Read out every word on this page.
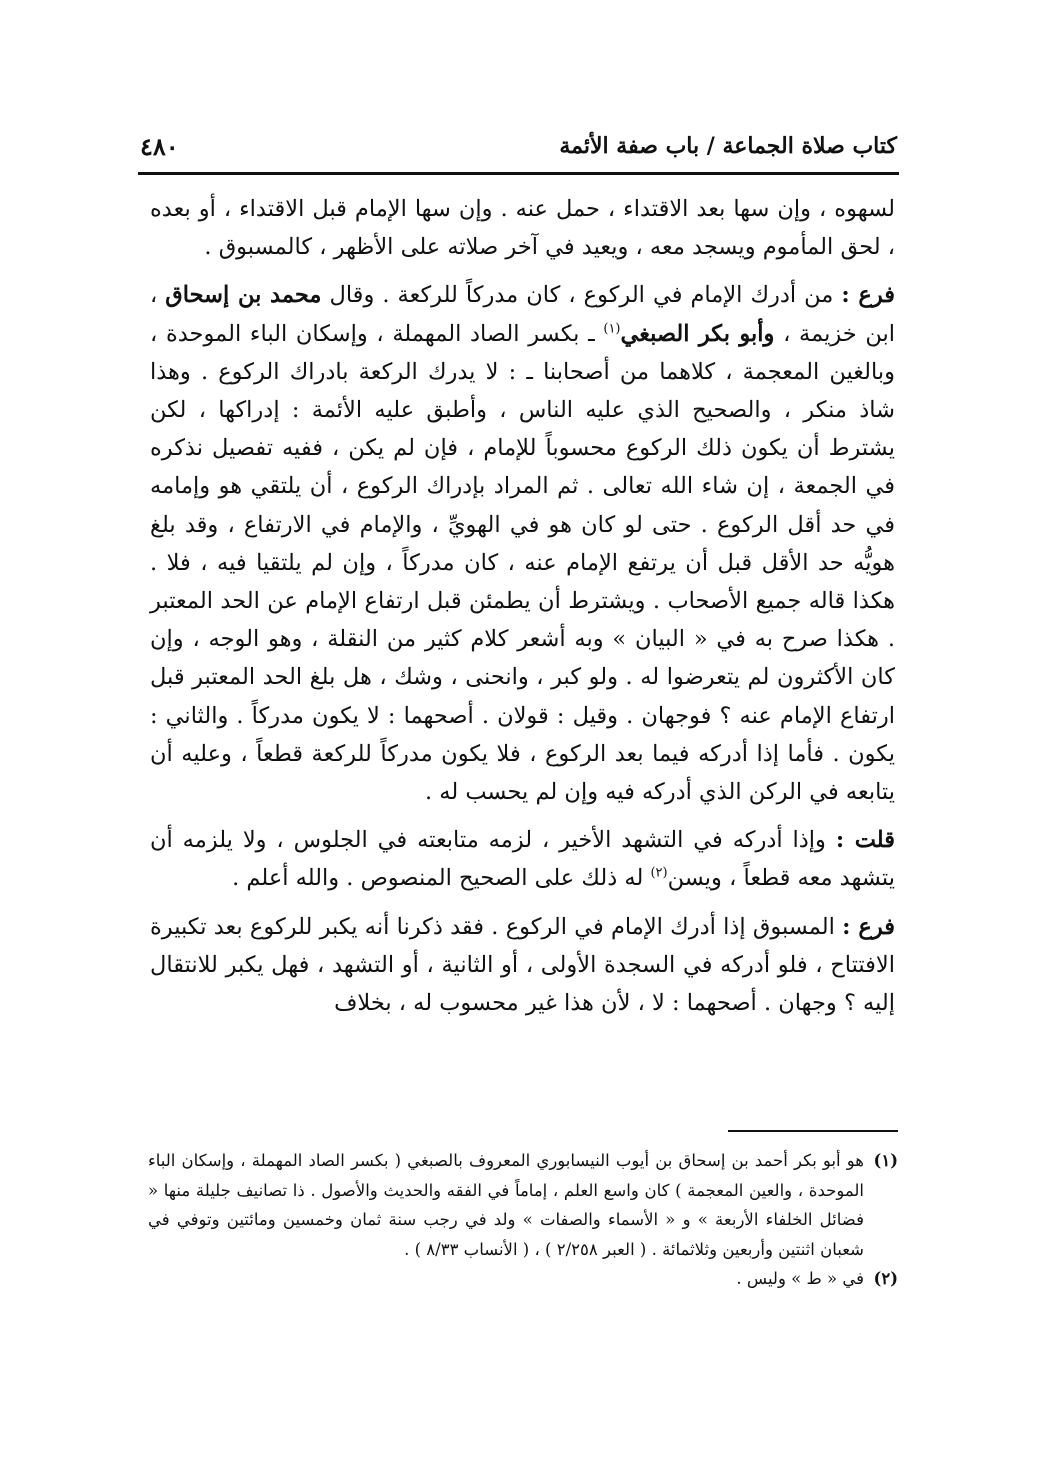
كتاب صلاة الجماعة / باب صفة الأئمة
٤٨٠

لسهوه ، وإن سها بعد الاقتداء ، حمل عنه . وإن سها الإمام قبل الاقتداء ، أو بعده ، لحق المأموم ويسجد معه ، ويعيد في آخر صلاته على الأظهر ، كالمسبوق .

فرع : من أدرك الإمام في الركوع ، كان مدركاً للركعة . وقال محمد بن إسحاق ، ابن خزيمة ، وأبو بكر الصبغي$^{(١)}$ ـ بكسر الصاد المهملة ، وإسكان الباء الموحدة ، وبالغين المعجمة ، كلاهما من أصحابنا ـ : لا يدرك الركعة بادراك الركوع . وهذا شاذ منكر ، والصحيح الذي عليه الناس ، وأطبق عليه الأئمة : إدراكها ، لكن يشترط أن يكون ذلك الركوع محسوباً للإمام ، فإن لم يكن ، ففيه تفصيل نذكره في الجمعة ، إن شاء الله تعالى . ثم المراد بإدراك الركوع ، أن يلتقي هو وإمامه في حد أقل الركوع . حتى لو كان هو في الهويِّ ، والإمام في الارتفاع ، وقد بلغ هويُّه حد الأقل قبل أن يرتفع الإمام عنه ، كان مدركاً ، وإن لم يلتقيا فيه ، فلا . هكذا قاله جميع الأصحاب . ويشترط أن يطمئن قبل ارتفاع الإمام عن الحد المعتبر . هكذا صرح به في « البيان » وبه أشعر كلام كثير من النقلة ، وهو الوجه ، وإن كان الأكثرون لم يتعرضوا له . ولو كبر ، وانحنى ، وشك ، هل بلغ الحد المعتبر قبل ارتفاع الإمام عنه ؟ فوجهان . وقيل : قولان . أصحهما : لا يكون مدركاً . والثاني : يكون . فأما إذا أدركه فيما بعد الركوع ، فلا يكون مدركاً للركعة قطعاً ، وعليه أن يتابعه في الركن الذي أدركه فيه وإن لم يحسب له .

قلت : وإذا أدركه في التشهد الأخير ، لزمه متابعته في الجلوس ، ولا يلزمه أن يتشهد معه قطعاً ، ويسن$^{(٢)}$ له ذلك على الصحيح المنصوص . والله أعلم .

فرع : المسبوق إذا أدرك الإمام في الركوع . فقد ذكرنا أنه يكبر للركوع بعد تكبيرة الافتتاح ، فلو أدركه في السجدة الأولى ، أو الثانية ، أو التشهد ، فهل يكبر للانتقال إليه ؟ وجهان . أصحهما : لا ، لأن هذا غير محسوب له ، بخلاف

(١)
هو أبو بكر أحمد بن إسحاق بن أيوب النيسابوري المعروف بالصبغي ( بكسر الصاد المهملة ، وإسكان الباء الموحدة ، والعين المعجمة ) كان واسع العلم ، إماماً في الفقه والحديث والأصول . ذا تصانيف جليلة منها « فضائل الخلفاء الأربعة » و « الأسماء والصفات » ولد في رجب سنة ثمان وخمسين ومائتين وتوفي في شعبان اثنتين وأربعين وثلاثمائة . ( العبر ٢/٢٥٨ ) ، ( الأنساب ٨/٣٣ ) .

(٢)
في « ط » وليس .
